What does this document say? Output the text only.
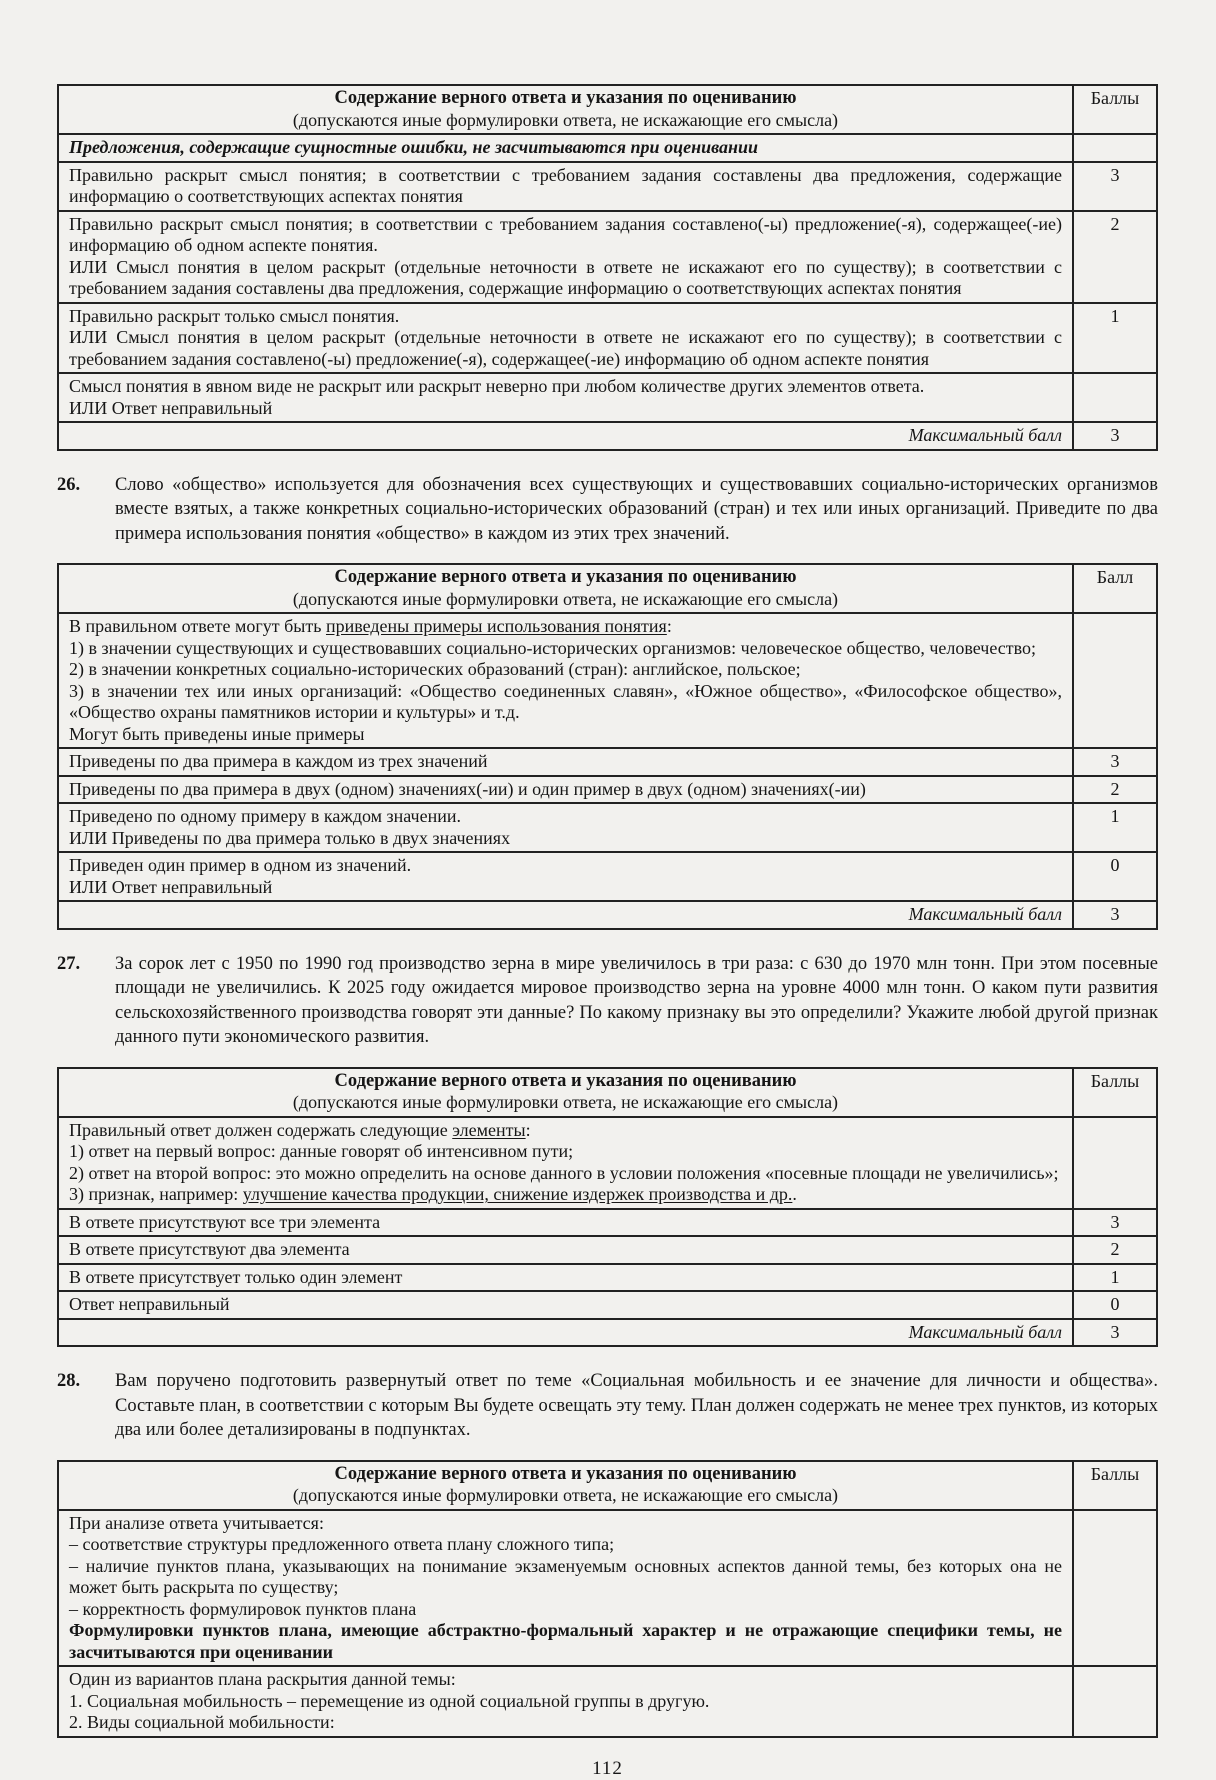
Содержание верного ответа и указания по оцениванию
(допускаются иные формулировки ответа, не искажающие его смысла)	Баллы

Предложения, содержащие сущностные ошибки, не засчитываются при оценивании	

Правильно раскрыт смысл понятия; в соответствии с требованием задания составлены два предложения, содержащие информацию о соответствующих аспектах понятия	3

Правильно раскрыт смысл понятия; в соответствии с требованием задания составлено(-ы) предложение(-я), содержащее(-ие) информацию об одном аспекте понятия.
ИЛИ Смысл понятия в целом раскрыт (отдельные неточности в ответе не искажают его по существу); в соответствии с требованием задания составлены два предложения, содержащие информацию о соответствующих аспектах понятия	2

Правильно раскрыт только смысл понятия.
ИЛИ Смысл понятия в целом раскрыт (отдельные неточности в ответе не искажают его по существу); в соответствии с требованием задания составлено(-ы) предложение(-я), содержащее(-ие) информацию об одном аспекте понятия	1

Смысл понятия в явном виде не раскрыт или раскрыт неверно при любом количестве других элементов ответа.
ИЛИ Ответ неправильный	

Максимальный балл	3
26.	Слово «общество» используется для обозначения всех существующих и существовавших социально-исторических организмов вместе взятых, а также конкретных социально-исторических образований (стран) и тех или иных организаций. Приведите по два примера использования понятия «общество» в каждом из этих трех значений.
Содержание верного ответа и указания по оцениванию
(допускаются иные формулировки ответа, не искажающие его смысла)	Балл

В правильном ответе могут быть приведены примеры использования понятия:
1) в значении существующих и существовавших социально-исторических организмов: человеческое общество, человечество;
2) в значении конкретных социально-исторических образований (стран): английское, польское;
3) в значении тех или иных организаций: «Общество соединенных славян», «Южное общество», «Философское общество», «Общество охраны памятников истории и культуры» и т.д.
Могут быть приведены иные примеры	

Приведены по два примера в каждом из трех значений	3

Приведены по два примера в двух (одном) значениях(-ии) и один пример в двух (одном) значениях(-ии)	2

Приведено по одному примеру в каждом значении.
ИЛИ Приведены по два примера только в двух значениях	1

Приведен один пример в одном из значений.
ИЛИ Ответ неправильный	0
Максимальный балл	3
27.	За сорок лет с 1950 по 1990 год производство зерна в мире увеличилось в три раза: с 630 до 1970 млн тонн. При этом посевные площади не увеличились. К 2025 году ожидается мировое производство зерна на уровне 4000 млн тонн. О каком пути развития сельскохозяйственного производства говорят эти данные? По какому признаку вы это определили? Укажите любой другой признак данного пути экономического развития.
Содержание верного ответа и указания по оцениванию
(допускаются иные формулировки ответа, не искажающие его смысла)	Баллы

Правильный ответ должен содержать следующие элементы:
1) ответ на первый вопрос: данные говорят об интенсивном пути;
2) ответ на второй вопрос: это можно определить на основе данного в условии положения «посевные площади не увеличились»;
3) признак, например: улучшение качества продукции, снижение издержек производства и др..	

В ответе присутствуют все три элемента	3

В ответе присутствуют два элемента	2

В ответе присутствует только один элемент	1

Ответ неправильный	0
Максимальный балл	3
28.	Вам поручено подготовить развернутый ответ по теме «Социальная мобильность и ее значение для личности и общества». Составьте план, в соответствии с которым Вы будете освещать эту тему. План должен содержать не менее трех пунктов, из которых два или более детализированы в подпунктах.
Содержание верного ответа и указания по оцениванию
(допускаются иные формулировки ответа, не искажающие его смысла)	Баллы

При анализе ответа учитывается:
– соответствие структуры предложенного ответа плану сложного типа;
– наличие пунктов плана, указывающих на понимание экзаменуемым основных аспектов данной темы, без которых она не может быть раскрыта по существу;
– корректность формулировок пунктов плана
Формулировки пунктов плана, имеющие абстрактно-формальный характер и не отражающие специфики темы, не засчитываются при оценивании	

Один из вариантов плана раскрытия данной темы:
1. Социальная мобильность – перемещение из одной социальной группы в другую.
2. Виды социальной мобильности:	

112
